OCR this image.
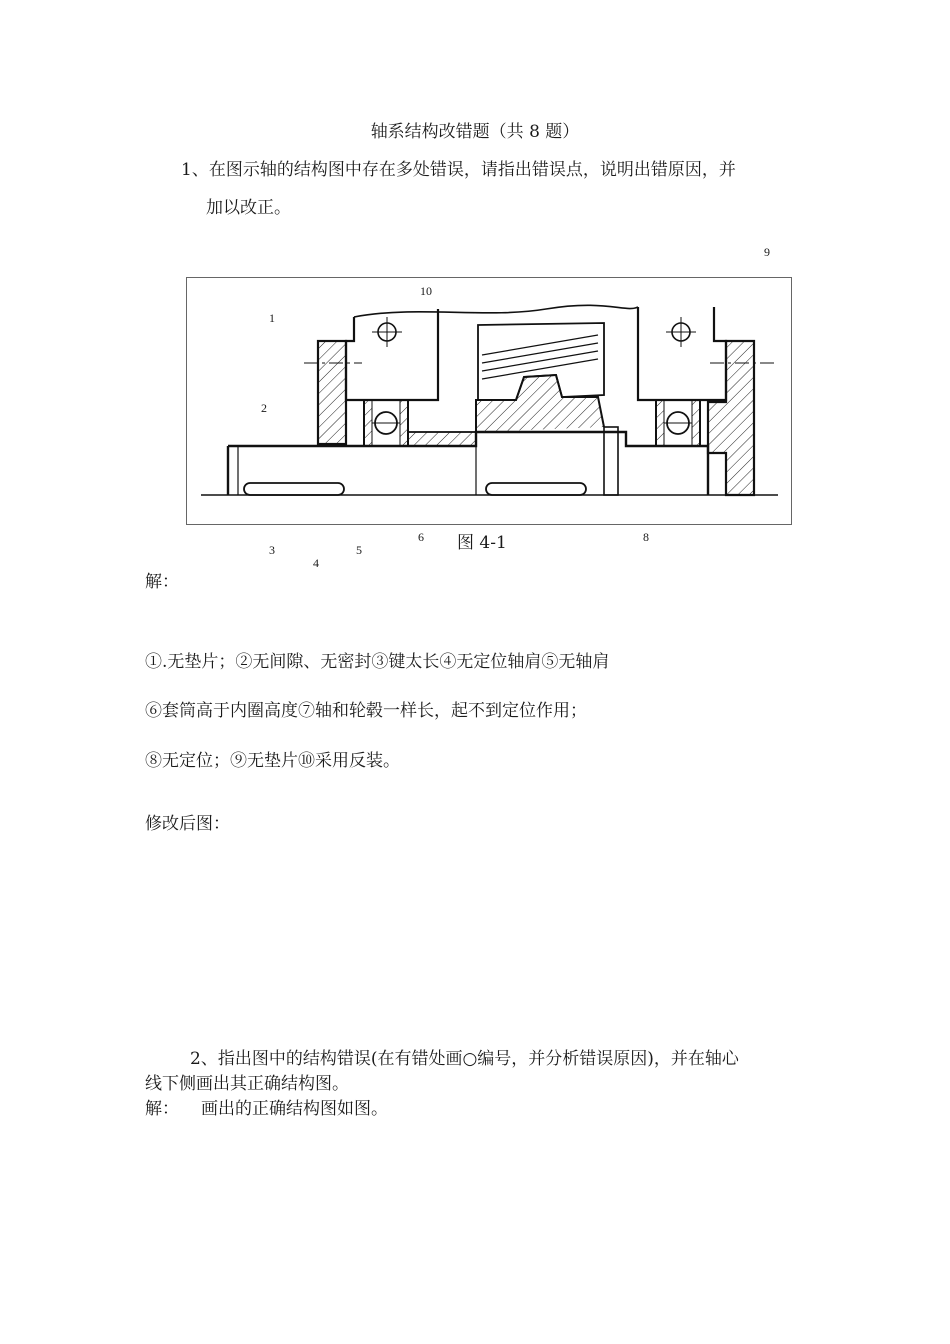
轴系结构改错题（共 8 题）
1、在图示轴的结构图中存在多处错误，请指出错误点，说明出错原因，并
加以改正。
9
10
1
2
6	8
3	5
4
图 4-1
解：
①.无垫片；②无间隙、无密封③键太长④无定位轴肩⑤无轴肩
⑥套筒高于内圈高度⑦轴和轮毂一样长，起不到定位作用；
⑧无定位；⑨无垫片⑩采用反装。
修改后图：
2、指出图中的结构错误(在有错处画○编号，并分析错误原因)，并在轴心
线下侧画出其正确结构图。
解： 画出的正确结构图如图。
